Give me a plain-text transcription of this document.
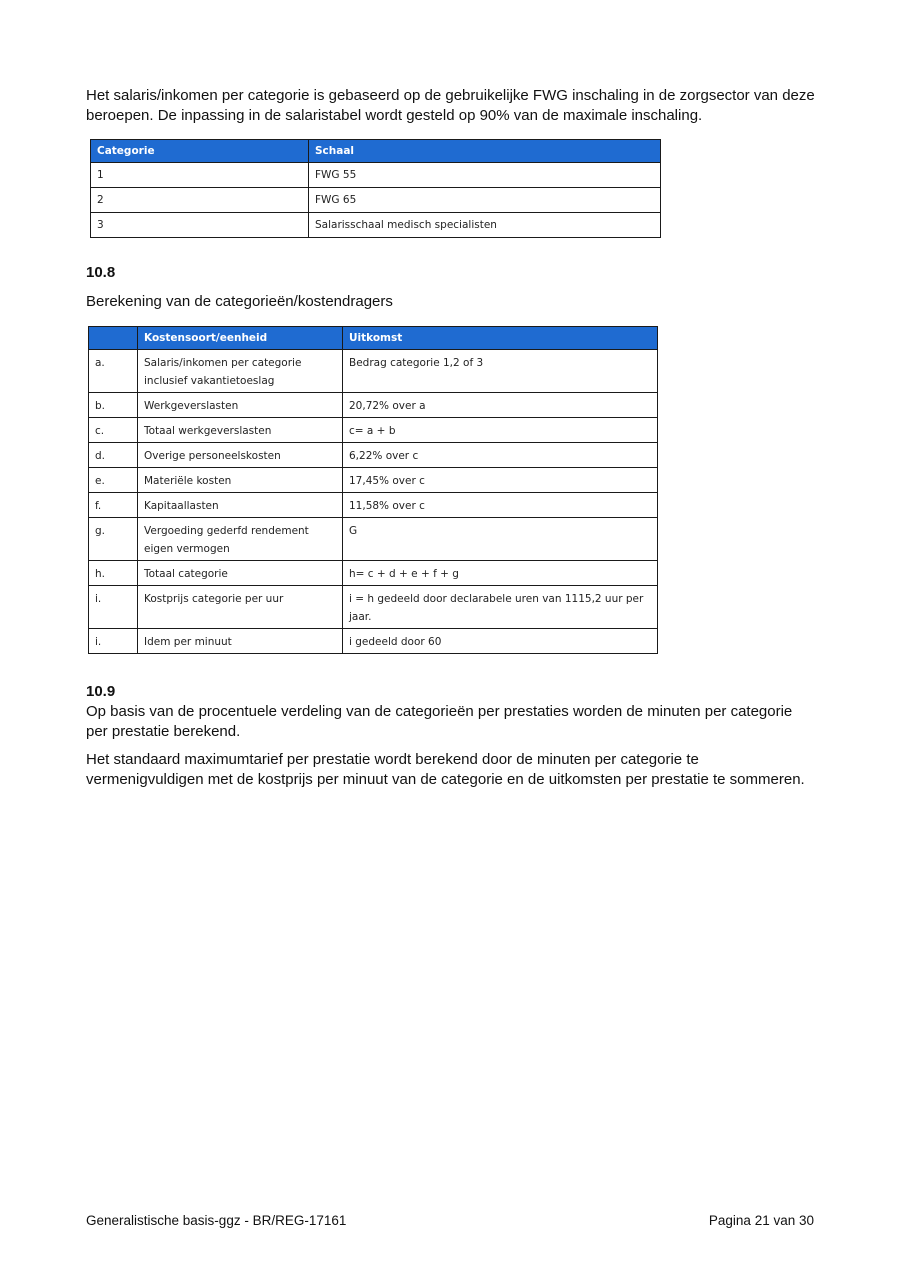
Het salaris/inkomen per categorie is gebaseerd op de gebruikelijke FWG inschaling in de zorgsector van deze beroepen. De inpassing in de salaristabel wordt gesteld op 90% van de maximale inschaling.

Categorie	Schaal
1	FWG 55
2	FWG 65
3	Salarisschaal medisch specialisten
10.8

Berekening van de categorieën/kostendragers

	Kostensoort/eenheid	Uitkomst
a.	Salaris/inkomen per categorie inclusief vakantietoeslag	Bedrag categorie 1,2 of 3
b.	Werkgeverslasten	20,72% over a
c.	Totaal werkgeverslasten	c= a + b
d.	Overige personeelskosten	6,22% over c
e.	Materiële kosten	17,45% over c
f.	Kapitaallasten	11,58% over c
g.	Vergoeding gederfd rendement eigen vermogen	G
h.	Totaal categorie	h= c + d + e + f + g
i.	Kostprijs categorie per uur	i = h gedeeld door declarabele uren van 1115,2 uur per jaar.
i.	Idem per minuut	i gedeeld door 60
10.9

Op basis van de procentuele verdeling van de categorieën per prestaties worden de minuten per categorie per prestatie berekend.

Het standaard maximumtarief per prestatie wordt berekend door de minuten per categorie te vermenigvuldigen met de kostprijs per minuut van de categorie en de uitkomsten per prestatie te sommeren.

Generalistische basis-ggz - BR/REG-17161	Pagina 21 van 30
